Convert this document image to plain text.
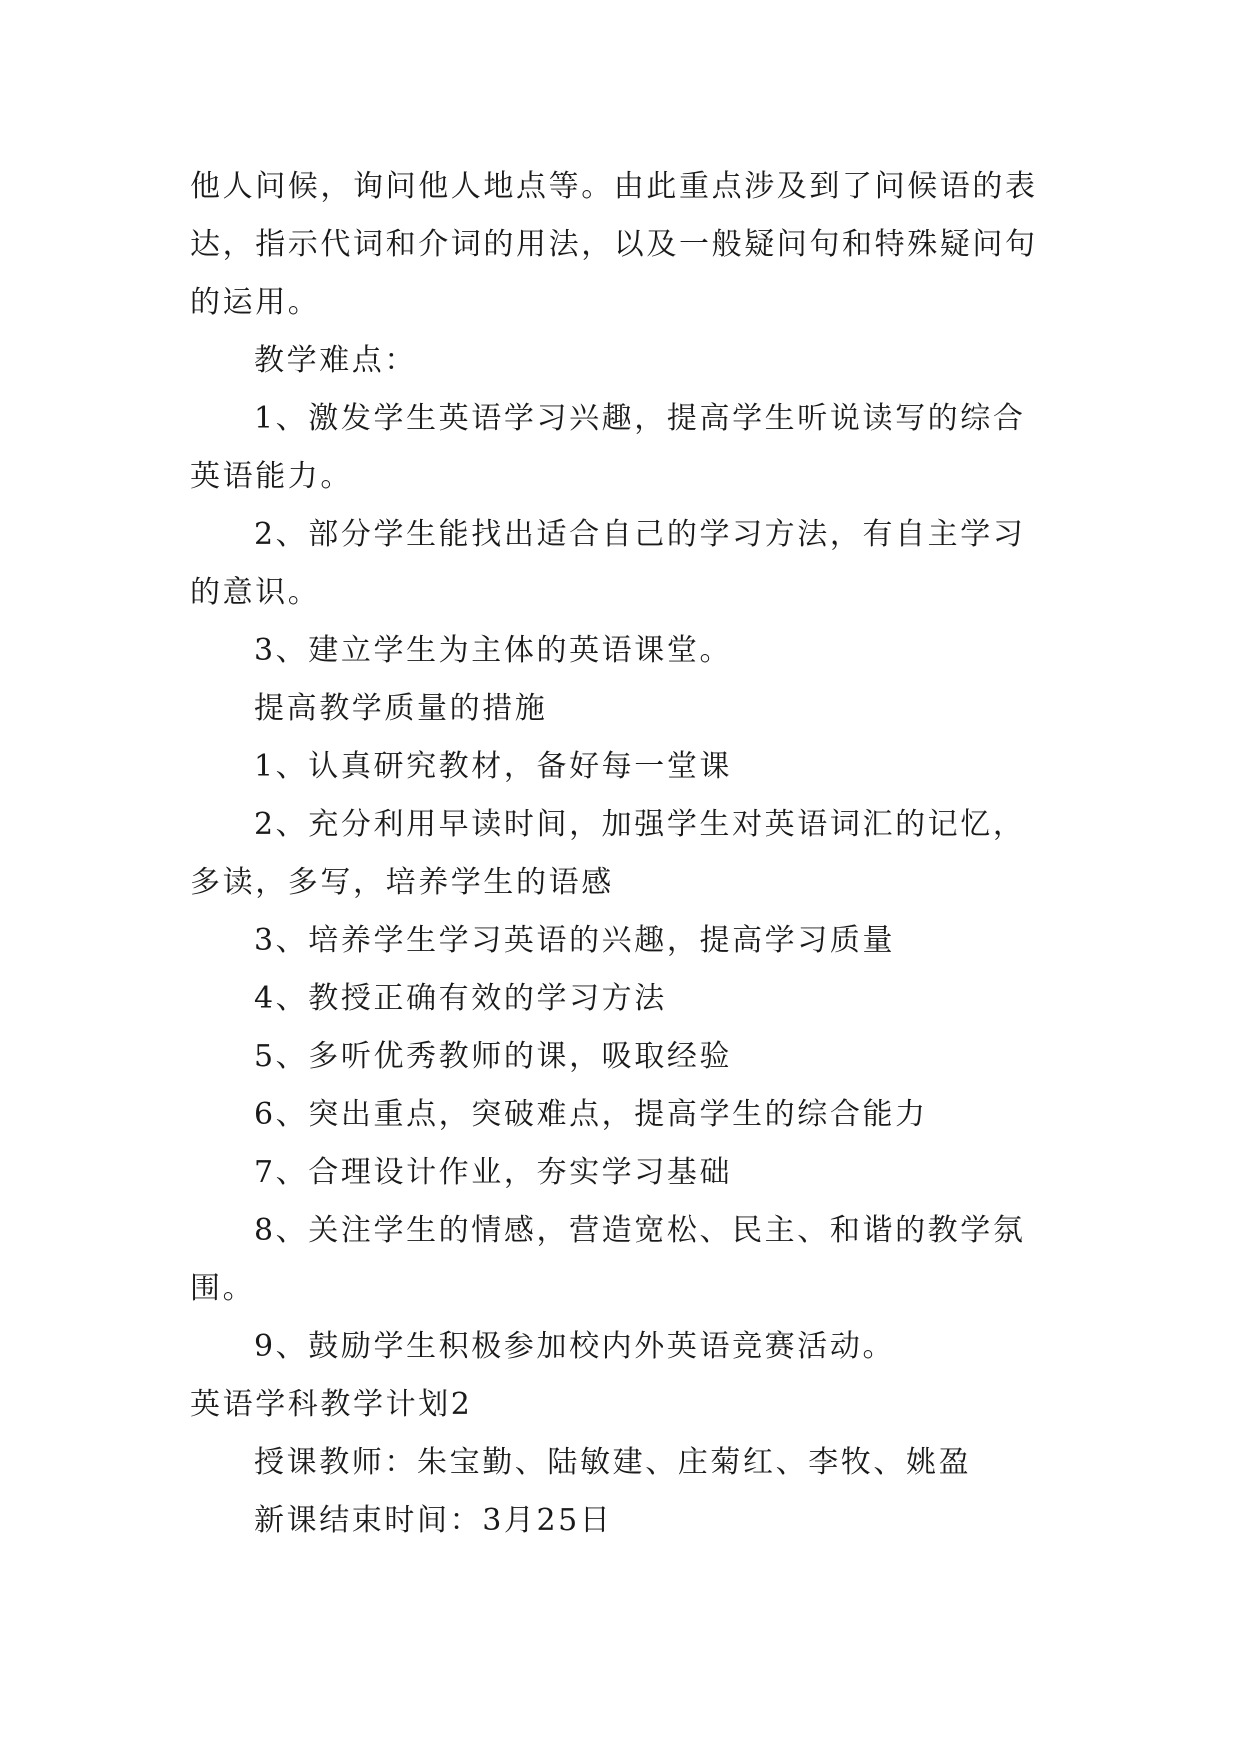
他人问候，询问他人地点等。由此重点涉及到了问候语的表
达，指示代词和介词的用法，以及一般疑问句和特殊疑问句
的运用。
教学难点：
1、激发学生英语学习兴趣，提高学生听说读写的综合
英语能力。
2、部分学生能找出适合自己的学习方法，有自主学习
的意识。
3、建立学生为主体的英语课堂。
提高教学质量的措施
1、认真研究教材，备好每一堂课
2、充分利用早读时间，加强学生对英语词汇的记忆，
多读，多写，培养学生的语感
3、培养学生学习英语的兴趣，提高学习质量
4、教授正确有效的学习方法
5、多听优秀教师的课，吸取经验
6、突出重点，突破难点，提高学生的综合能力
7、合理设计作业，夯实学习基础
8、关注学生的情感，营造宽松、民主、和谐的教学氛
围。
9、鼓励学生积极参加校内外英语竞赛活动。
英语学科教学计划2
授课教师：朱宝勤、陆敏建、庄菊红、李牧、姚盈
新课结束时间：3月25日
